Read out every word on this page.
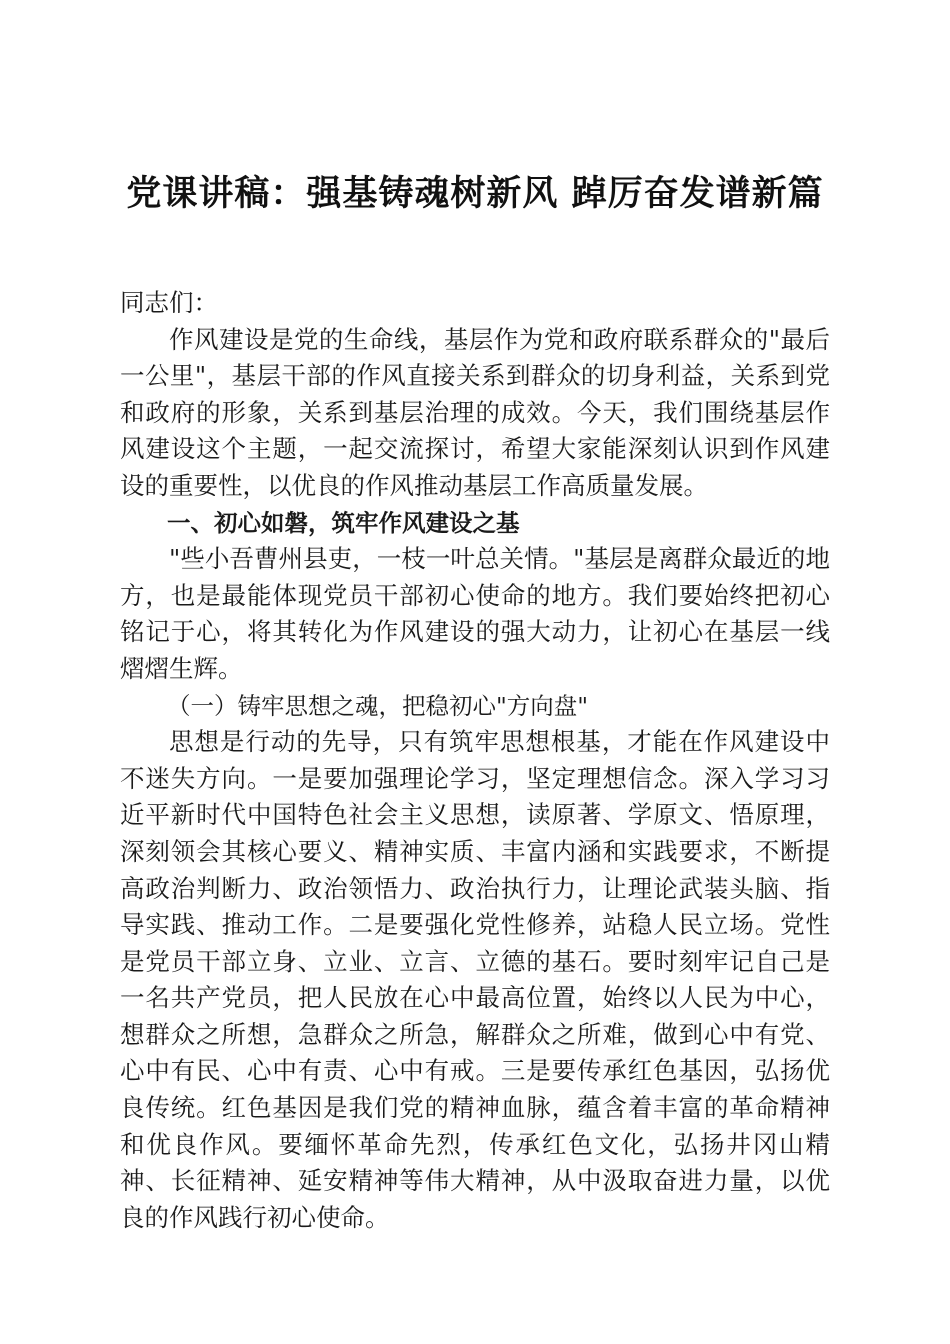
党课讲稿：强基铸魂树新风 踔厉奋发谱新篇

同志们：

作风建设是党的生命线，基层作为党和政府联系群众的"最后一公里"，基层干部的作风直接关系到群众的切身利益，关系到党和政府的形象，关系到基层治理的成效。今天，我们围绕基层作风建设这个主题，一起交流探讨，希望大家能深刻认识到作风建设的重要性，以优良的作风推动基层工作高质量发展。

一、初心如磐，筑牢作风建设之基

"些小吾曹州县吏，一枝一叶总关情。"基层是离群众最近的地方，也是最能体现党员干部初心使命的地方。我们要始终把初心铭记于心，将其转化为作风建设的强大动力，让初心在基层一线熠熠生辉。

（一）铸牢思想之魂，把稳初心"方向盘"

思想是行动的先导，只有筑牢思想根基，才能在作风建设中不迷失方向。一是要加强理论学习，坚定理想信念。深入学习习近平新时代中国特色社会主义思想，读原著、学原文、悟原理，深刻领会其核心要义、精神实质、丰富内涵和实践要求，不断提高政治判断力、政治领悟力、政治执行力，让理论武装头脑、指导实践、推动工作。二是要强化党性修养，站稳人民立场。党性是党员干部立身、立业、立言、立德的基石。要时刻牢记自己是一名共产党员，把人民放在心中最高位置，始终以人民为中心，想群众之所想，急群众之所急，解群众之所难，做到心中有党、心中有民、心中有责、心中有戒。三是要传承红色基因，弘扬优良传统。红色基因是我们党的精神血脉，蕴含着丰富的革命精神和优良作风。要缅怀革命先烈，传承红色文化，弘扬井冈山精神、长征精神、延安精神等伟大精神，从中汲取奋进力量，以优良的作风践行初心使命。
